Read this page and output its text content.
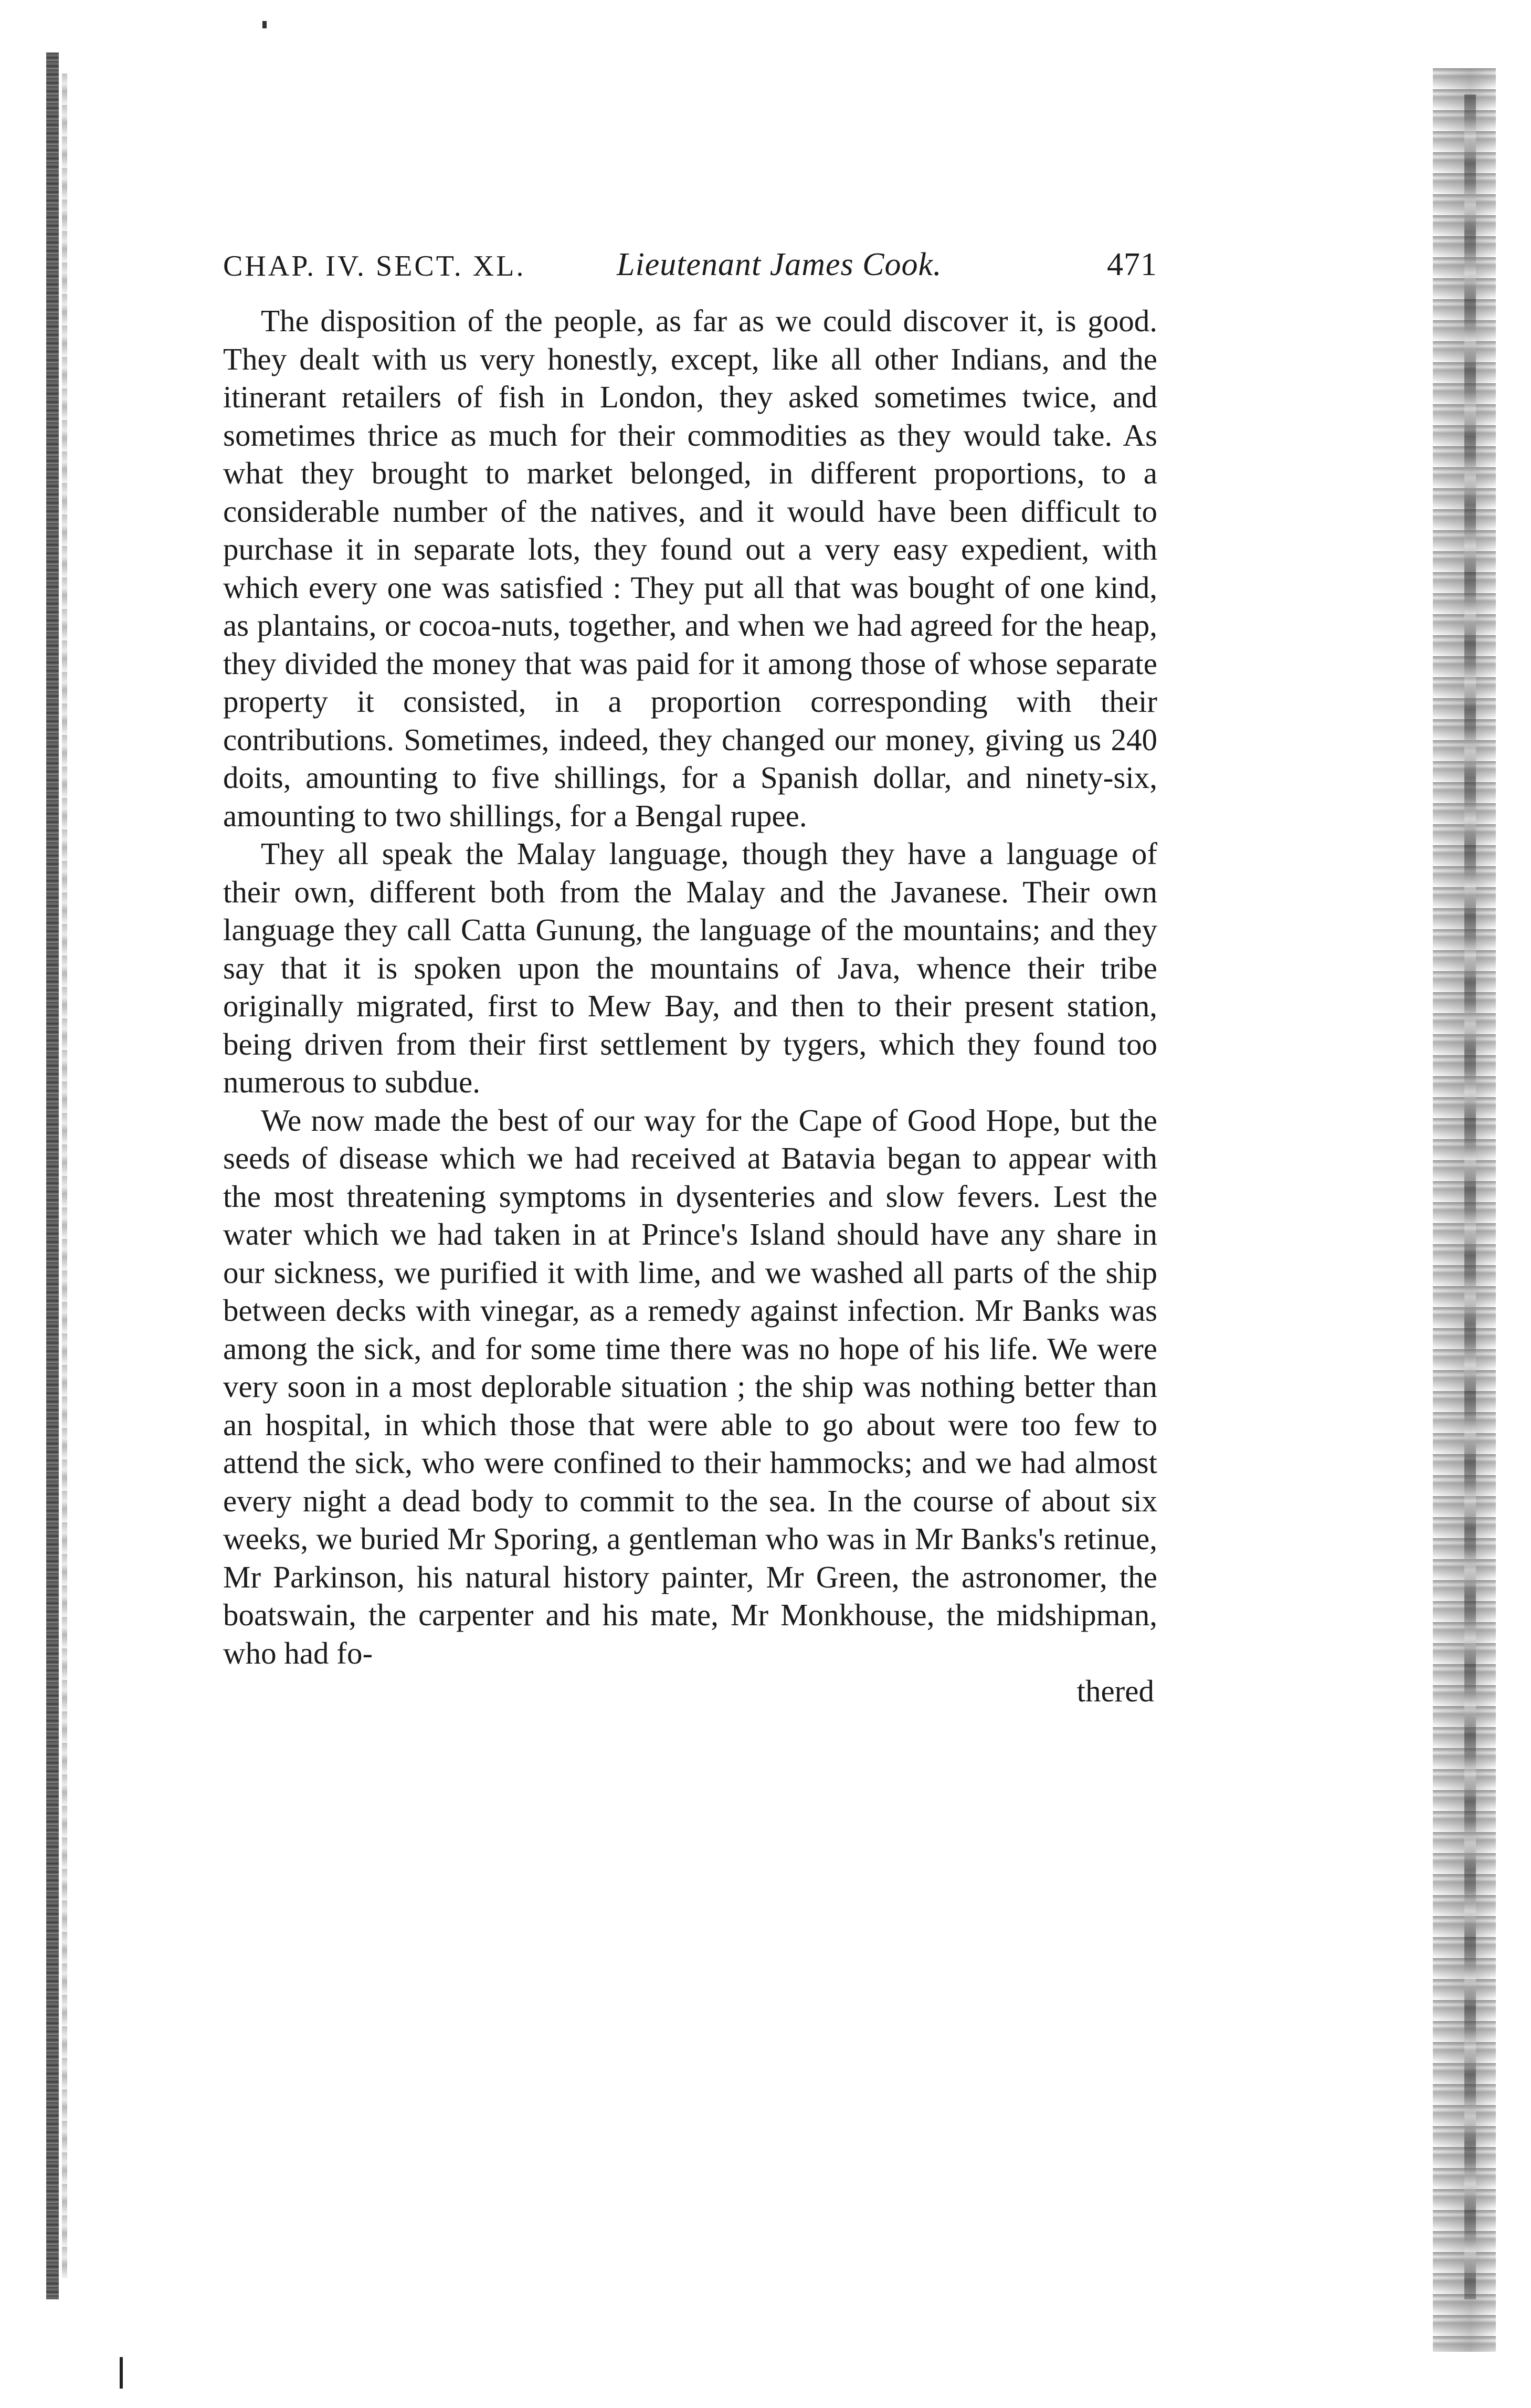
CHAP. IV. SECT. XL.	Lieutenant James Cook.	471

The disposition of the people, as far as we could discover it, is good. They dealt with us very honestly, except, like all other Indians, and the itinerant retailers of fish in London, they asked sometimes twice, and sometimes thrice as much for their commodities as they would take. As what they brought to market belonged, in different proportions, to a considerable number of the natives, and it would have been difficult to purchase it in separate lots, they found out a very easy expedient, with which every one was satisfied : They put all that was bought of one kind, as plantains, or cocoa-nuts, together, and when we had agreed for the heap, they divided the money that was paid for it among those of whose separate property it consisted, in a proportion corresponding with their contributions. Sometimes, indeed, they changed our money, giving us 240 doits, amounting to five shillings, for a Spanish dollar, and ninety-six, amounting to two shillings, for a Bengal rupee.

They all speak the Malay language, though they have a language of their own, different both from the Malay and the Javanese. Their own language they call Catta Gunung, the language of the mountains; and they say that it is spoken upon the mountains of Java, whence their tribe originally migrated, first to Mew Bay, and then to their present station, being driven from their first settlement by tygers, which they found too numerous to subdue.

We now made the best of our way for the Cape of Good Hope, but the seeds of disease which we had received at Batavia began to appear with the most threatening symptoms in dysenteries and slow fevers. Lest the water which we had taken in at Prince's Island should have any share in our sickness, we purified it with lime, and we washed all parts of the ship between decks with vinegar, as a remedy against infection. Mr Banks was among the sick, and for some time there was no hope of his life. We were very soon in a most deplorable situation ; the ship was nothing better than an hospital, in which those that were able to go about were too few to attend the sick, who were confined to their hammocks; and we had almost every night a dead body to commit to the sea. In the course of about six weeks, we buried Mr Sporing, a gentleman who was in Mr Banks's retinue, Mr Parkinson, his natural history painter, Mr Green, the astronomer, the boatswain, the carpenter and his mate, Mr Monkhouse, the midshipman, who had fo-

thered
